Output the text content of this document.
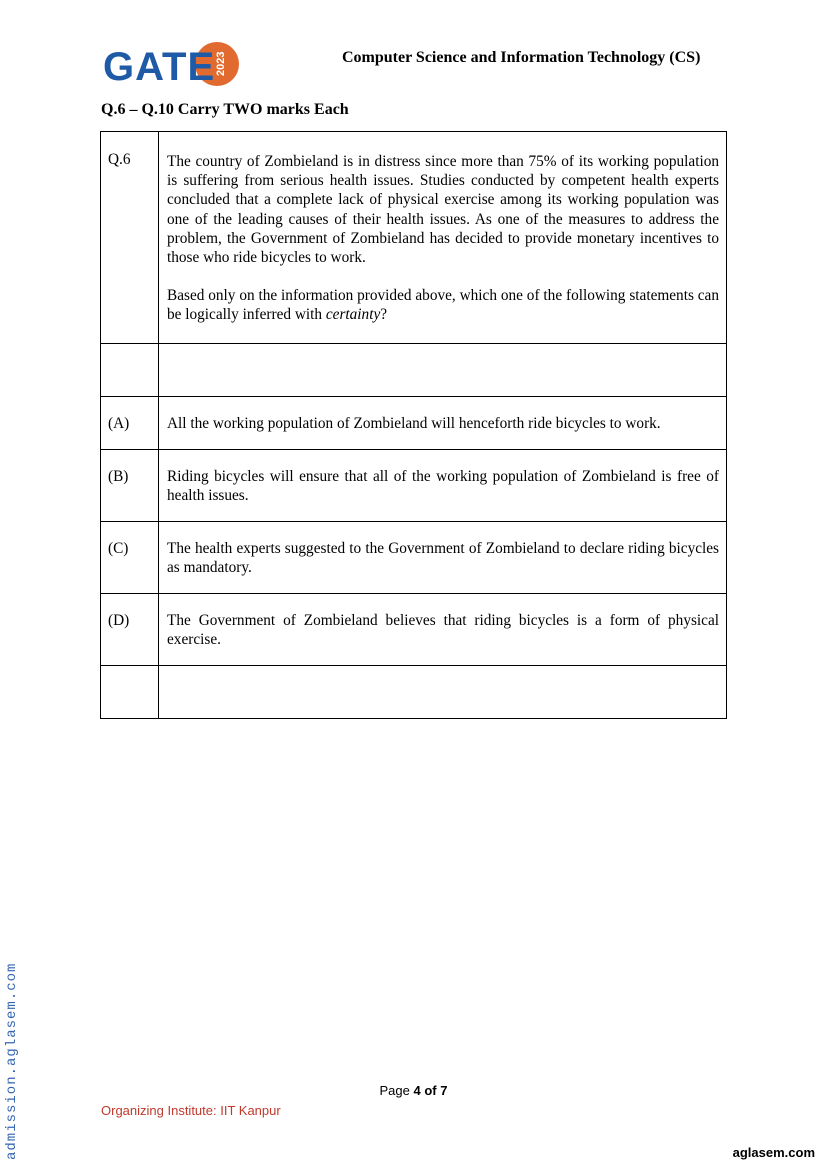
GATE 2023	Computer Science and Information Technology (CS)
Q.6 – Q.10 Carry TWO marks Each
Q.6	The country of Zombieland is in distress since more than 75% of its working population is suffering from serious health issues. Studies conducted by competent health experts concluded that a complete lack of physical exercise among its working population was one of the leading causes of their health issues. As one of the measures to address the problem, the Government of Zombieland has decided to provide monetary incentives to those who ride bicycles to work.

Based only on the information provided above, which one of the following statements can be logically inferred with certainty?

(A)	All the working population of Zombieland will henceforth ride bicycles to work.
(B)	Riding bicycles will ensure that all of the working population of Zombieland is free of health issues.
(C)	The health experts suggested to the Government of Zombieland to declare riding bicycles as mandatory.
(D)	The Government of Zombieland believes that riding bicycles is a form of physical exercise.

Page 4 of 7
Organizing Institute: IIT Kanpur
admission.aglasem.com	aglasem.com
